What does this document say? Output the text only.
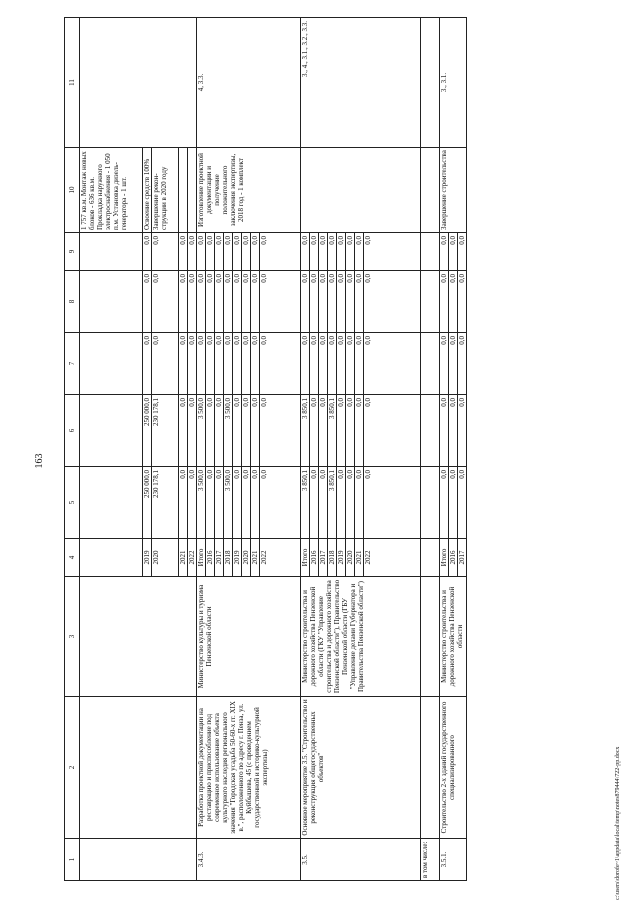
163
1	2	3	4	5	6	7	8	9	10	11
									1 757 кв.м. Монтаж новых блоков - 636 кв.м. Прокладка наружного электроснабжения - 1 050 п.м. Установка дизель-генератора - 1 шт.	
			2019	250 000,0	250 000,0	0,0	0,0	0,0	Освоение средств 100%	
			2020	230 178,1	230 178,1	0,0	0,0	0,0	Завершение рекон-струкции в 2020 году	
			2021	0,0	0,0	0,0	0,0	0,0		
			2022	0,0	0,0	0,0	0,0	0,0		
3.4.3.	Разработка проектной документации на реставрацию и приспособление под современное использование объекта культурного наследия регионального значения "Городская усадьба 50-60-х гг. XIX в.", расположенного по адресу г. Пенза, ул. Куйбышева, 45 (с проведением государственной и историко-культурной экспертизы)	Министерство культуры и туризма Пензенской области	Итого	3 500,0	3 500,0	0,0	0,0	0,0	Изготовление проектной документации и получение положительного заключения экспертизы, 2018 год - 1 комплект	4, 3.3.
			2016	0,0	0,0	0,0	0,0	0,0		
			2017	0,0	0,0	0,0	0,0	0,0		
			2018	3 500,0	3 500,0	0,0	0,0	0,0		
			2019	0,0	0,0	0,0	0,0	0,0		
			2020	0,0	0,0	0,0	0,0	0,0		
			2021	0,0	0,0	0,0	0,0	0,0		
			2022	0,0	0,0	0,0	0,0	0,0		
3.5.	Основное мероприятие 3.5. "Строительство и реконструкция общегосударственных объектов"	Министерство строительства и дорожного хозяйства Пензенской области (ГКУ "Управление строительства и дорожного хозяйства Пензенской области"), Правительство Пензенской области (ГБУ "Управление делами Губернатора и Правительства Пензенской области")	Итого	3 850,1	3 850,1	0,0	0,0	0,0		3., 4., 3.1., 3.2., 3.3.
			2016	0,0	0,0	0,0	0,0	0,0		
			2017	0,0	0,0	0,0	0,0	0,0		
			2018	3 850,1	3 850,1	0,0	0,0	0,0		
			2019	0,0	0,0	0,0	0,0	0,0		
			2020	0,0	0,0	0,0	0,0	0,0		
			2021	0,0	0,0	0,0	0,0	0,0		
			2022	0,0	0,0	0,0	0,0	0,0		
в том числе:										
3.5.1.	Строительство 2-х зданий государственного специализированного	Министерство строительства и дорожного хозяйства Пензенской области	Итого	0,0	0,0	0,0	0,0	0,0	Завершение строительства	3., 3.1.
			2016	0,0	0,0	0,0	0,0	0,0		
			2017	0,0	0,0	0,0	0,0	0,0		
c:\users\dorofe~1\appdata\local\temp\notes879444\722-pp.docx
